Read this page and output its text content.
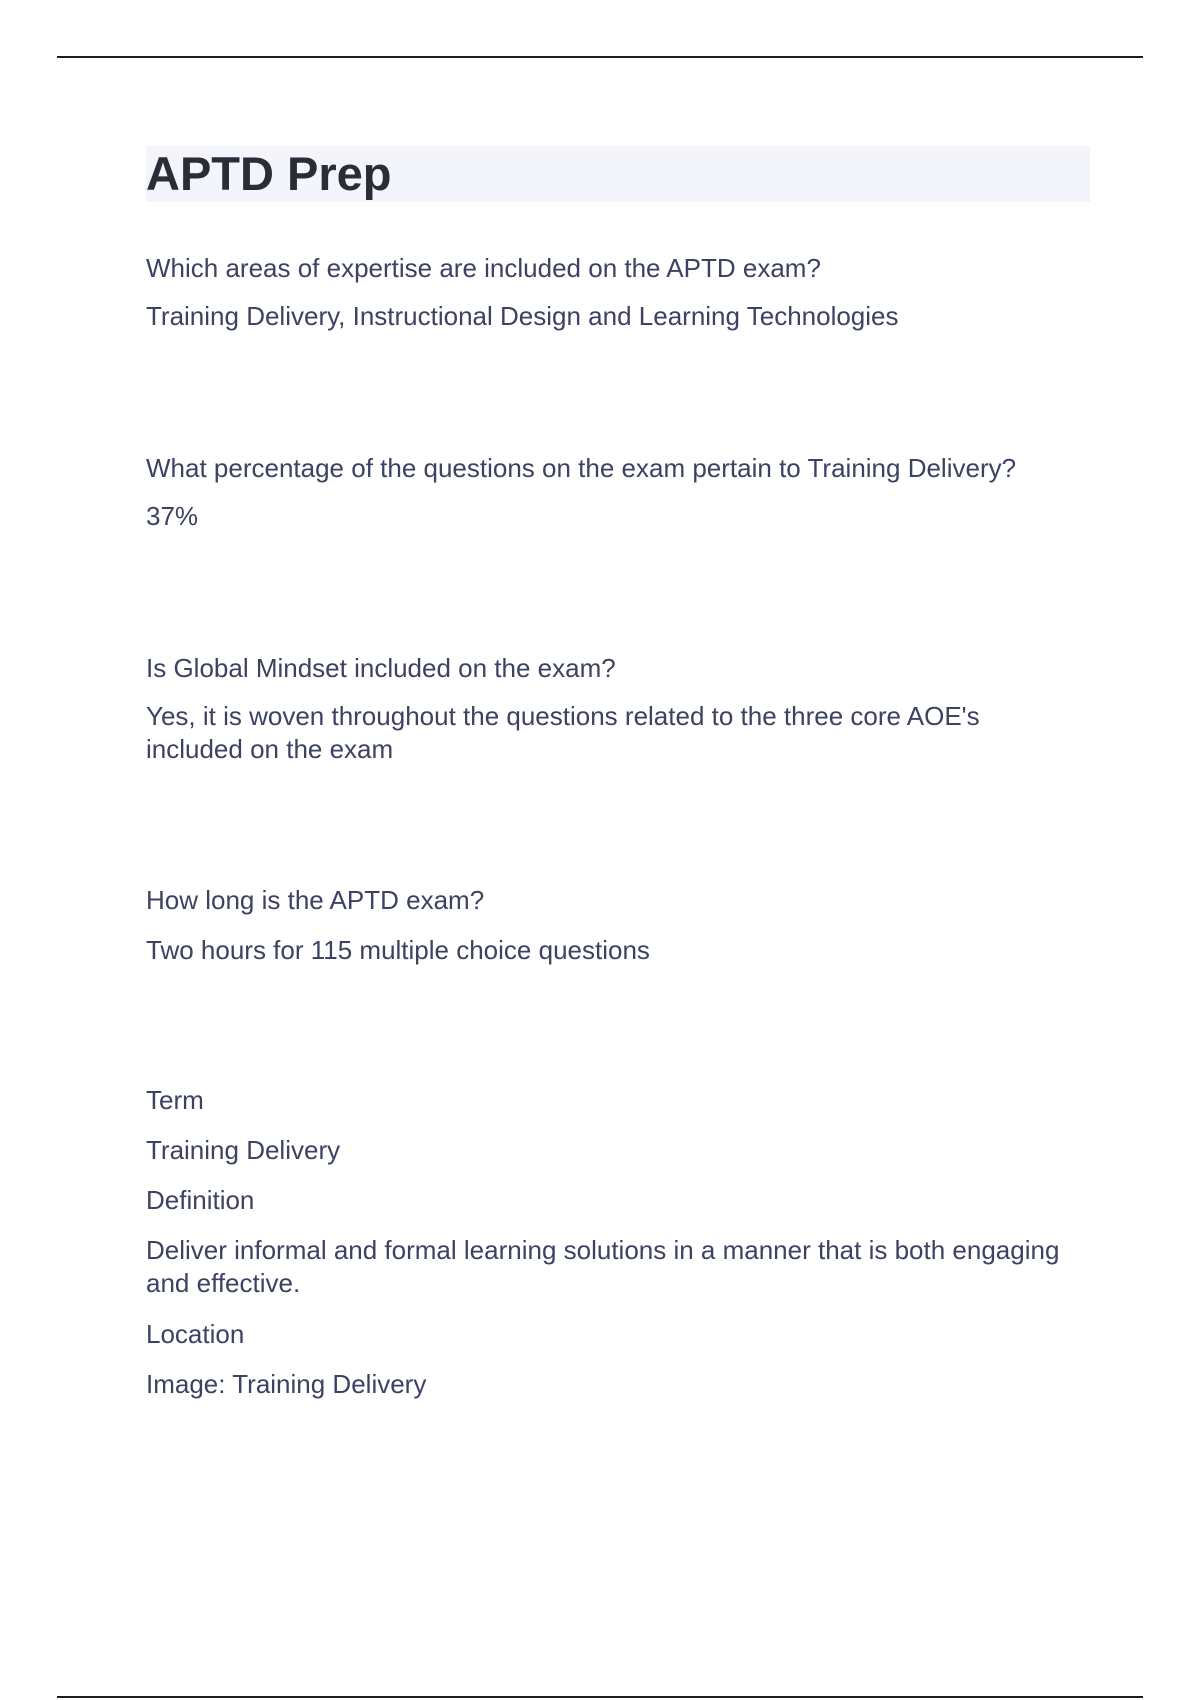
APTD Prep

Which areas of expertise are included on the APTD exam?

Training Delivery, Instructional Design and Learning Technologies

What percentage of the questions on the exam pertain to Training Delivery?

37%

Is Global Mindset included on the exam?

Yes, it is woven throughout the questions related to the three core AOE's included on the exam

How long is the APTD exam?

Two hours for 115 multiple choice questions

Term

Training Delivery

Definition

Deliver informal and formal learning solutions in a manner that is both engaging and effective.

Location

Image: Training Delivery
